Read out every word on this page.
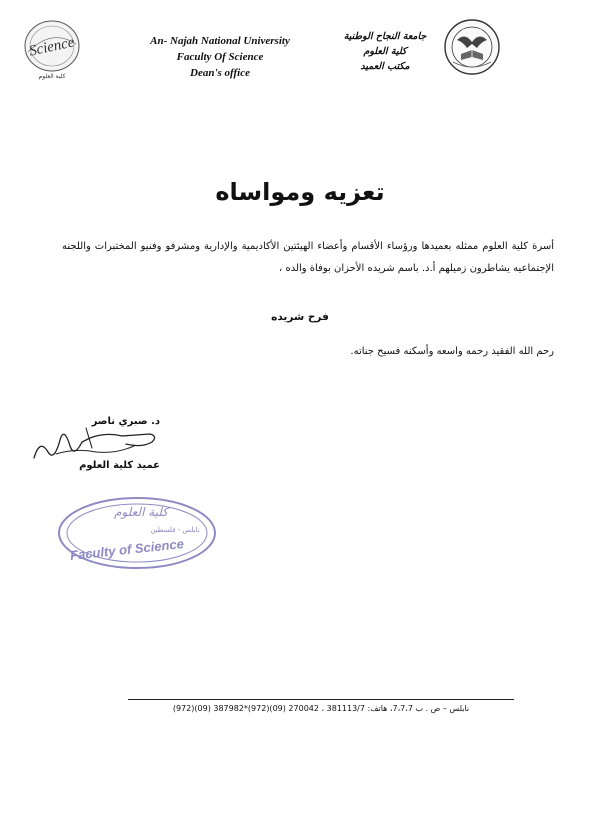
Science
كلية العلوم
An- Najah National University
Faculty Of Science
Dean's office
جامعة النجاح الوطنية
كلية العلوم
مكتب العميد
تعزيه ومواساه
أسرة كلية العلوم ممثله بعميدها ورؤساء الأقسام وأعضاء الهيئتين الأكاديمية والإدارية ومشرفو وفنيو المختبرات واللجنه الإجتماعيه يشاطرون زميلهم أ.د. باسم شريده الأحزان بوفاة والده ،
فرح شريده
رحم الله الفقيد رحمه واسعه وأسكنه فسيح جناته.
د. صبري ناصر
عميد كلية العلوم
كلية العلوم
نابلس - فلسطين
Faculty of Science
نابلس – ص . ب 7،7،7، هاتف: 381113/7 ، 270042 (09)(972)*387982 (09)(972)
